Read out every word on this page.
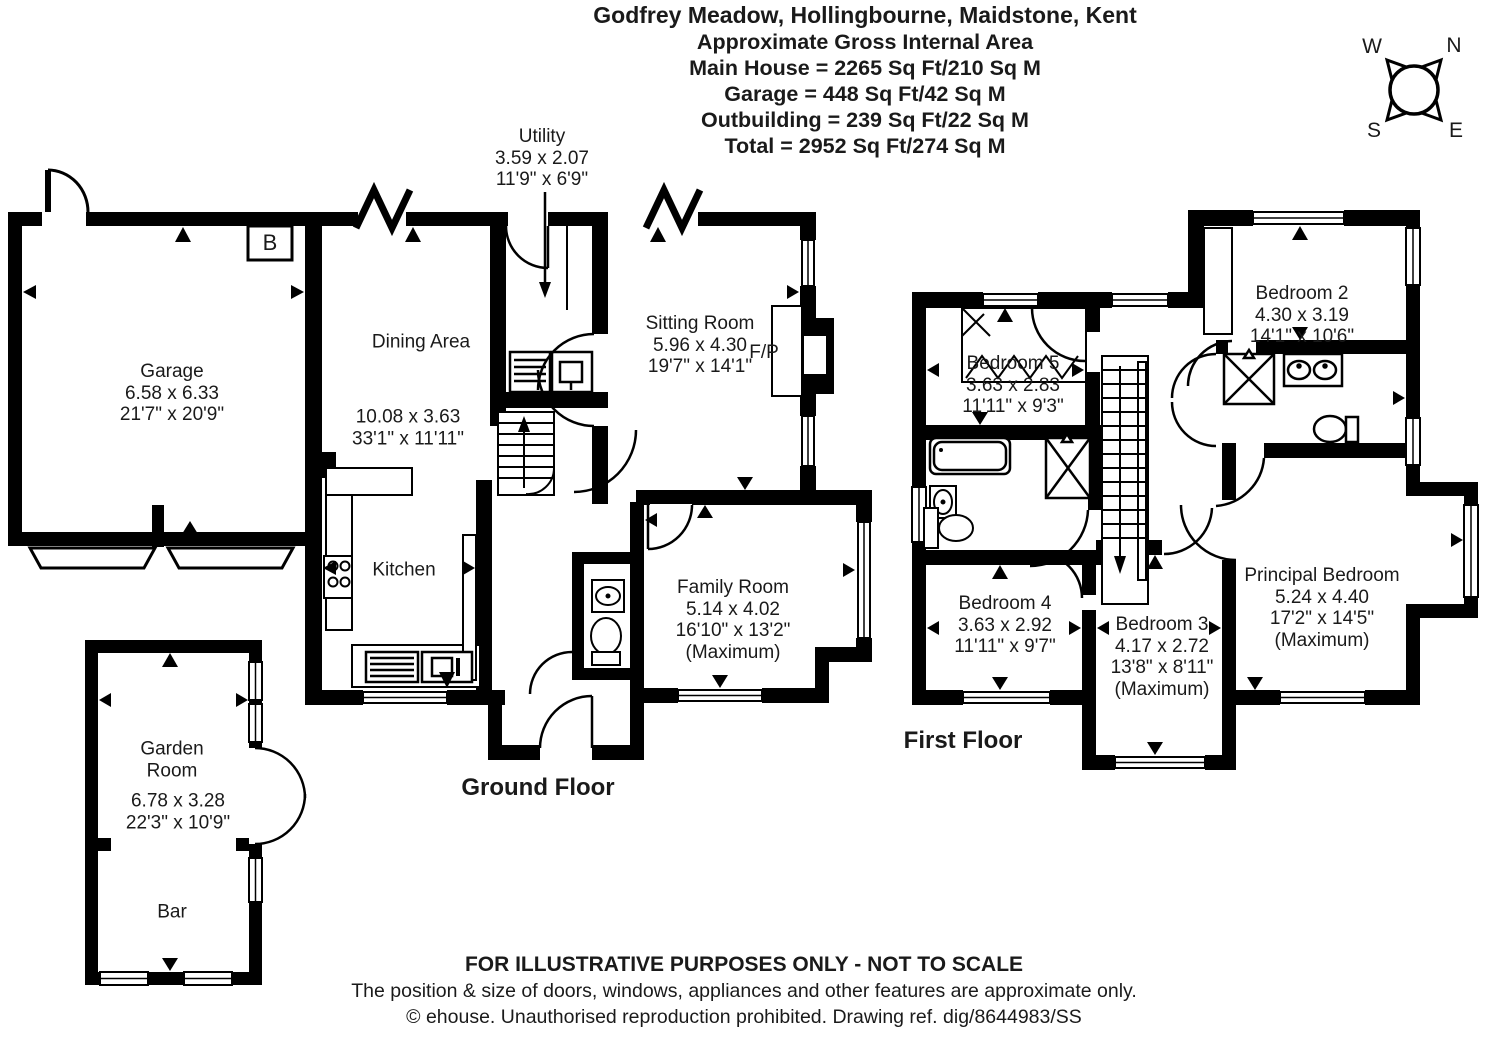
Godfrey Meadow, Hollingbourne, Maidstone, Kent
Approximate Gross Internal Area
Main House = 2265 Sq Ft/210 Sq M
Garage = 448 Sq Ft/42 Sq M
Outbuilding = 239 Sq Ft/22 Sq M
Total = 2952 Sq Ft/274 Sq M
W	N
S	E
Garage
6.58 x 6.33
21'7" x 20'9"
Dining Area
10.08 x 3.63
33'1" x 11'11"
Utility
3.59 x 2.07
11'9" x 6'9"
Sitting Room
5.96 x 4.30
19'7" x 14'1"
F/P
B
Kitchen
Family Room
5.14 x 4.02
16'10" x 13'2"
(Maximum)
Garden Room
6.78 x 3.28
22'3" x 10'9"
Bar
Ground Floor
Bedroom 5
3.63 x 2.83
11'11" x 9'3"
Bedroom 2
4.30 x 3.19
14'1" x 10'6"
Bedroom 4
3.63 x 2.92
11'11" x 9'7"
Bedroom 3
4.17 x 2.72
13'8" x 8'11"
(Maximum)
Principal Bedroom
5.24 x 4.40
17'2" x 14'5"
(Maximum)
First Floor
FOR ILLUSTRATIVE PURPOSES ONLY - NOT TO SCALE
The position & size of doors, windows, appliances and other features are approximate only.
© ehouse. Unauthorised reproduction prohibited. Drawing ref. dig/8644983/SS
